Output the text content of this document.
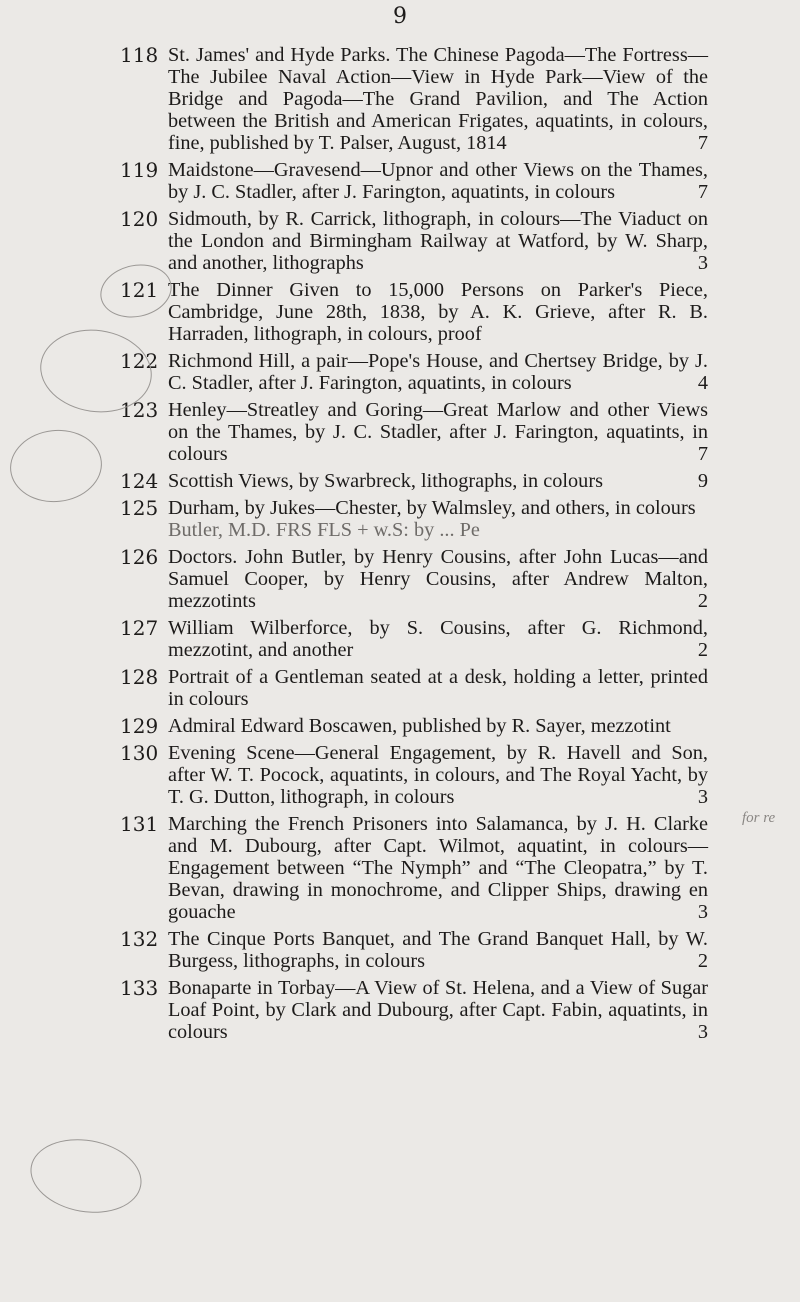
9
118 St. James' and Hyde Parks. The Chinese Pagoda—The Fortress—The Jubilee Naval Action—View in Hyde Park—View of the Bridge and Pagoda—The Grand Pavilion, and The Action between the British and American Frigates, aquatints, in colours, fine, published by T. Palser, August, 1814	7
119 Maidstone—Gravesend—Upnor and other Views on the Thames, by J. C. Stadler, after J. Farington, aquatints, in colours	7
120 Sidmouth, by R. Carrick, lithograph, in colours—The Viaduct on the London and Birmingham Railway at Watford, by W. Sharp, and another, lithographs	3
121 The Dinner Given to 15,000 Persons on Parker's Piece, Cambridge, June 28th, 1838, by A. K. Grieve, after R. B. Harraden, lithograph, in colours, proof
122 Richmond Hill, a pair—Pope's House, and Chertsey Bridge, by J. C. Stadler, after J. Farington, aquatints, in colours	4
123 Henley—Streatley and Goring—Great Marlow and other Views on the Thames, by J. C. Stadler, after J. Farington, aquatints, in colours	7
124 Scottish Views, by Swarbreck, lithographs, in colours	9
125 Durham, by Jukes—Chester, by Walmsley, and others, in colours

Butler, M.D. FRS FLS + w.S: by ... Pe
126 Doctors. John Butler, by Henry Cousins, after John Lucas—and Samuel Cooper, by Henry Cousins, after Andrew Malton, mezzotints	2
127 William Wilberforce, by S. Cousins, after G. Richmond, mezzotint, and another	2
128 Portrait of a Gentleman seated at a desk, holding a letter, printed in colours
129 Admiral Edward Boscawen, published by R. Sayer, mezzotint
130 Evening Scene—General Engagement, by R. Havell and Son, after W. T. Pocock, aquatints, in colours, and The Royal Yacht, by T. G. Dutton, lithograph, in colours	3
131 Marching the French Prisoners into Salamanca, by J. H. Clarke and M. Dubourg, after Capt. Wilmot, aquatint, in colours—Engagement between “The Nymph” and “The Cleopatra,” by T. Bevan, drawing in monochrome, and Clipper Ships, drawing en gouache	3
132 The Cinque Ports Banquet, and The Grand Banquet Hall, by W. Burgess, lithographs, in colours	2
133 Bonaparte in Torbay—A View of St. Helena, and a View of Sugar Loaf Point, by Clark and Dubourg, after Capt. Fabin, aquatints, in colours	3
for re
